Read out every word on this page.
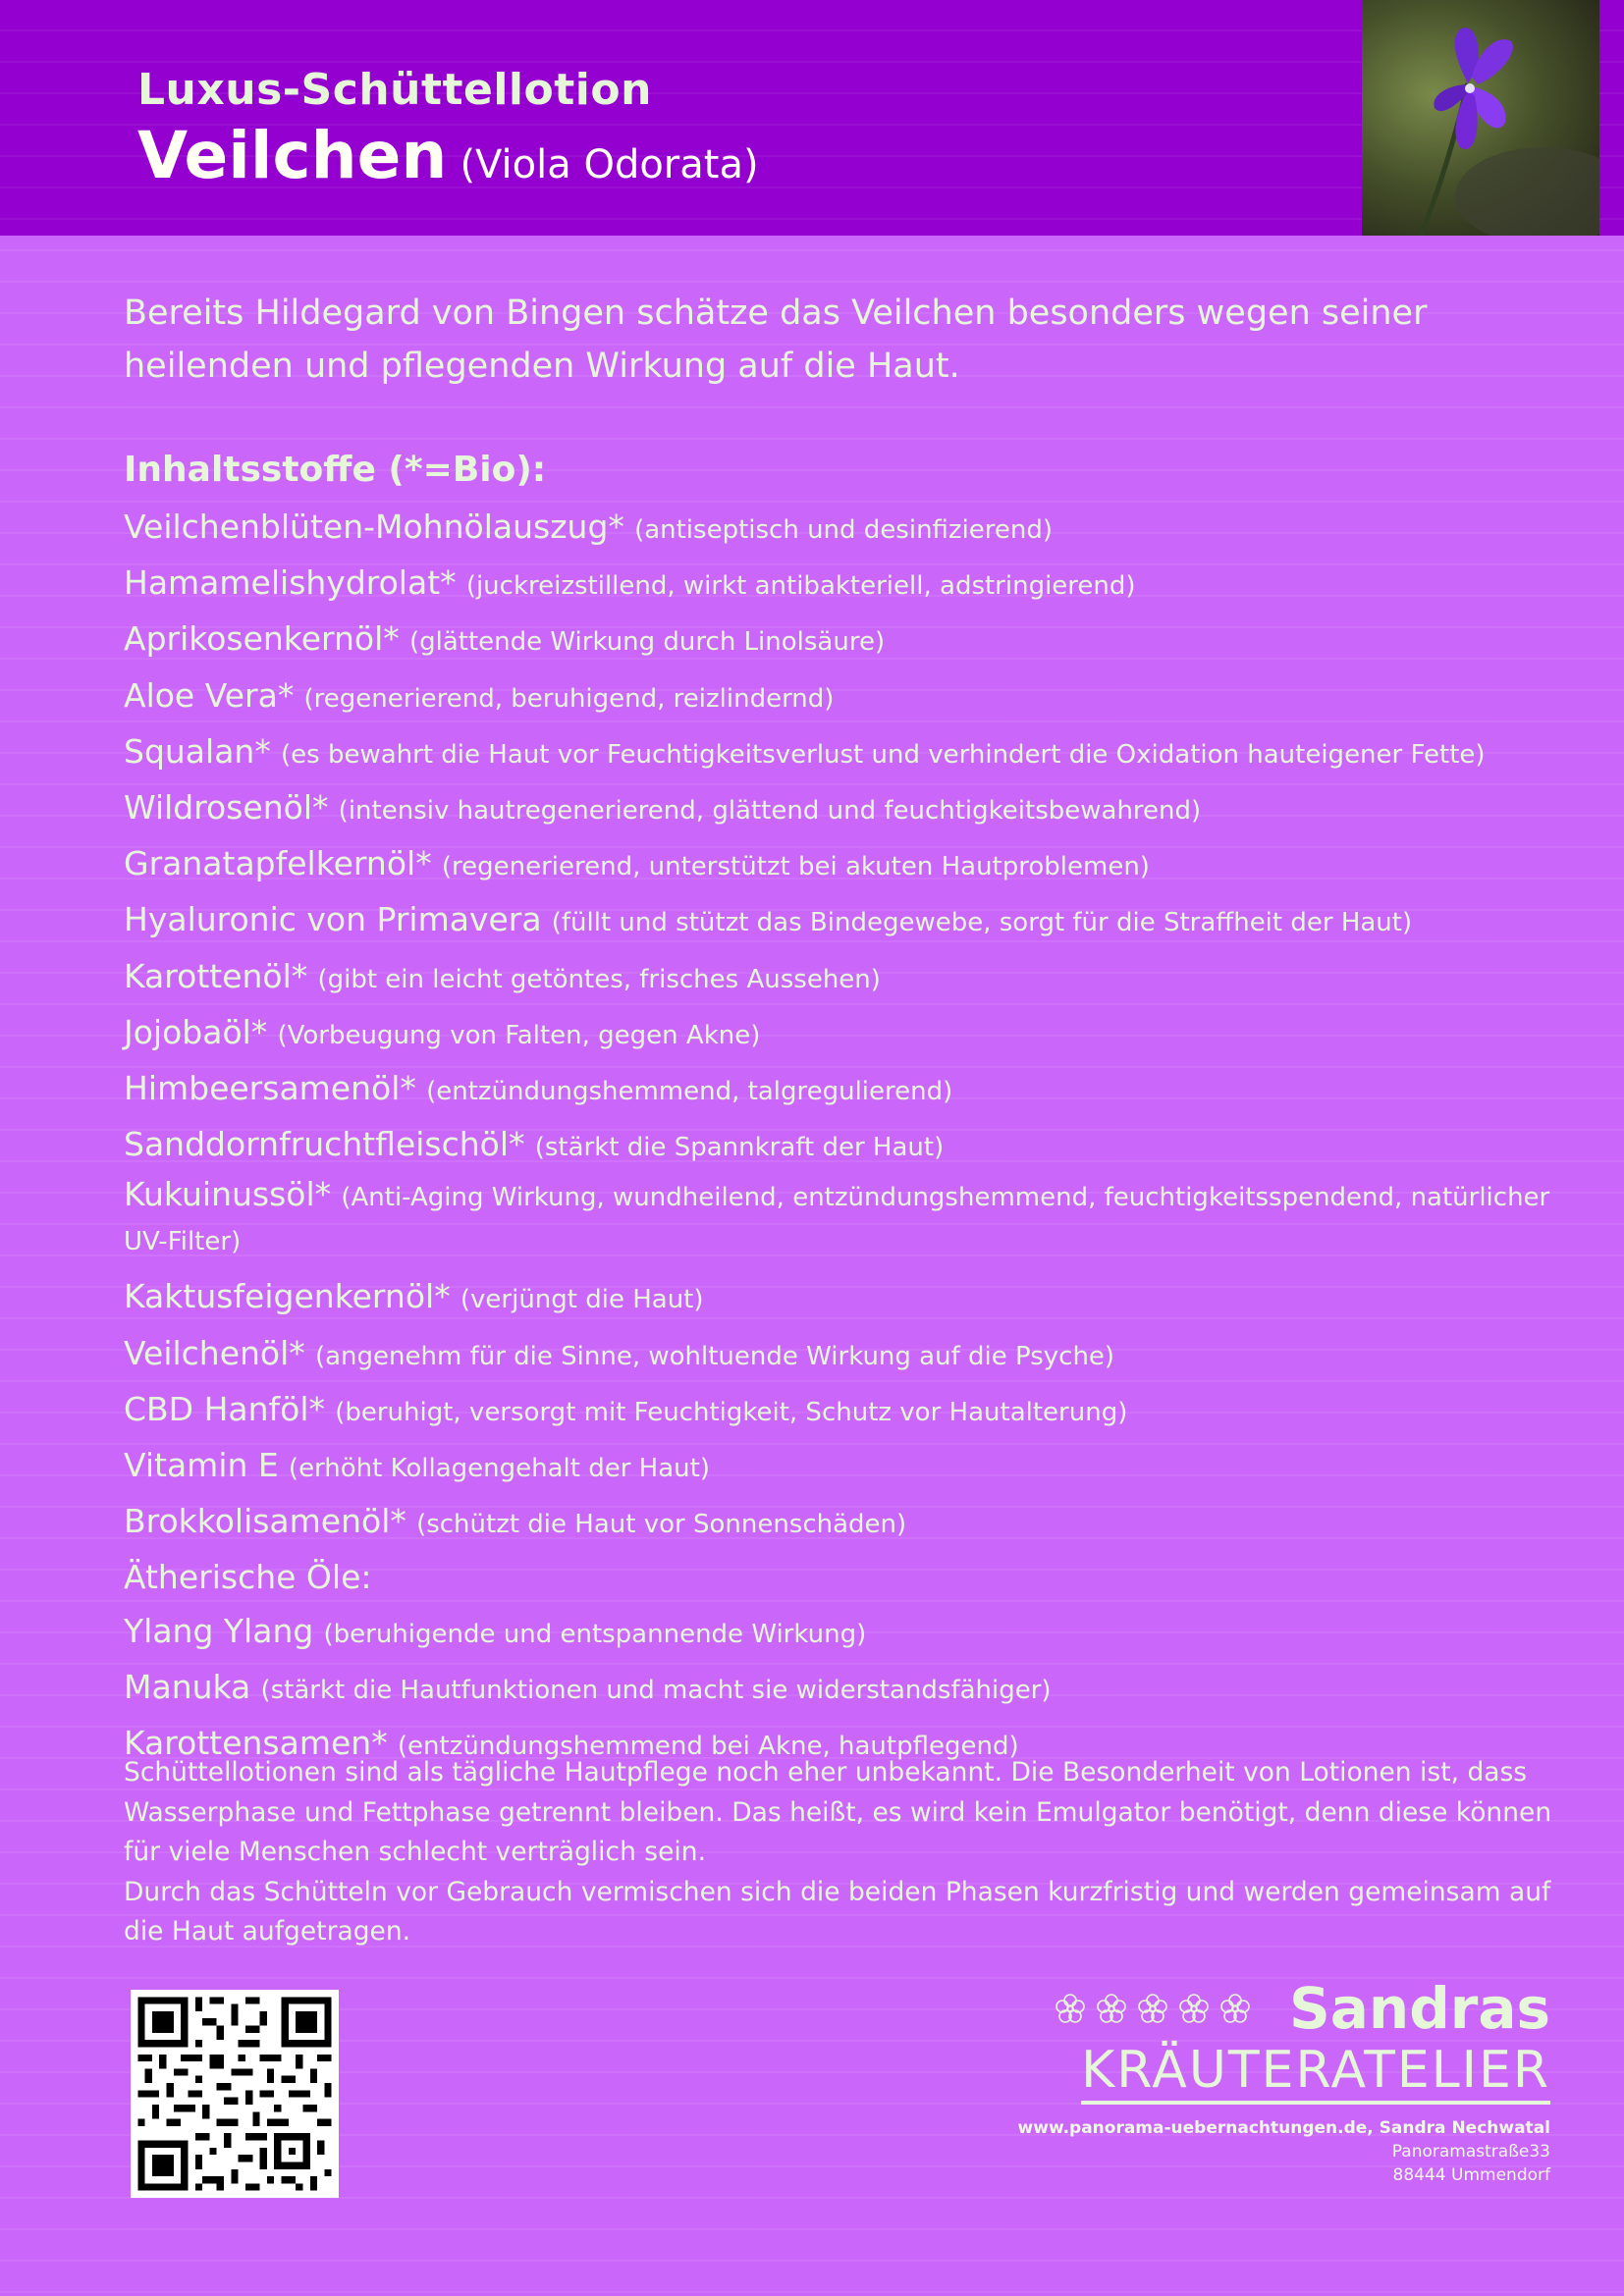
Luxus-Schüttellotion
Veilchen (Viola Odorata)
Bereits Hildegard von Bingen schätze das Veilchen besonders wegen seiner heilenden und pflegenden Wirkung auf die Haut.
Inhaltsstoffe (*=Bio):
Veilchenblüten-Mohnölauszug* (antiseptisch und desinfizierend)
Hamamelishydrolat* (juckreizstillend, wirkt antibakteriell, adstringierend)
Aprikosenkernöl* (glättende Wirkung durch Linolsäure)
Aloe Vera* (regenerierend, beruhigend, reizlindernd)
Squalan* (es bewahrt die Haut vor Feuchtigkeitsverlust und verhindert die Oxidation hauteigener Fette)
Wildrosenöl* (intensiv hautregenerierend, glättend und feuchtigkeitsbewahrend)
Granatapfelkernöl* (regenerierend, unterstützt bei akuten Hautproblemen)
Hyaluronic von Primavera (füllt und stützt das Bindegewebe, sorgt für die Straffheit der Haut)
Karottenöl* (gibt ein leicht getöntes, frisches Aussehen)
Jojobaöl* (Vorbeugung von Falten, gegen Akne)
Himbeersamenöl* (entzündungshemmend, talgregulierend)
Sanddornfruchtfleischöl* (stärkt die Spannkraft der Haut)
Kukuinussöl* (Anti-Aging Wirkung, wundheilend, entzündungshemmend, feuchtigkeitsspendend, natürlicher UV-Filter)
Kaktusfeigenkernöl* (verjüngt die Haut)
Veilchenöl* (angenehm für die Sinne, wohltuende Wirkung auf die Psyche)
CBD Hanföl* (beruhigt, versorgt mit Feuchtigkeit, Schutz vor Hautalterung)
Vitamin E (erhöht Kollagengehalt der Haut)
Brokkolisamenöl* (schützt die Haut vor Sonnenschäden)
Ätherische Öle:
Ylang Ylang (beruhigende und entspannende Wirkung)
Manuka (stärkt die Hautfunktionen und macht sie widerstandsfähiger)
Karottensamen* (entzündungshemmend bei Akne, hautpflegend)
Schüttellotionen sind als tägliche Hautpflege noch eher unbekannt. Die Besonderheit von Lotionen ist, dass Wasserphase und Fettphase getrennt bleiben. Das heißt, es wird kein Emulgator benötigt, denn diese können für viele Menschen schlecht verträglich sein.
Durch das Schütteln vor Gebrauch vermischen sich die beiden Phasen kurzfristig und werden gemeinsam auf die Haut aufgetragen.
Sandras
KRÄUTERATELIER
www.panorama-uebernachtungen.de, Sandra Nechwatal
Panoramastraße33
88444 Ummendorf
